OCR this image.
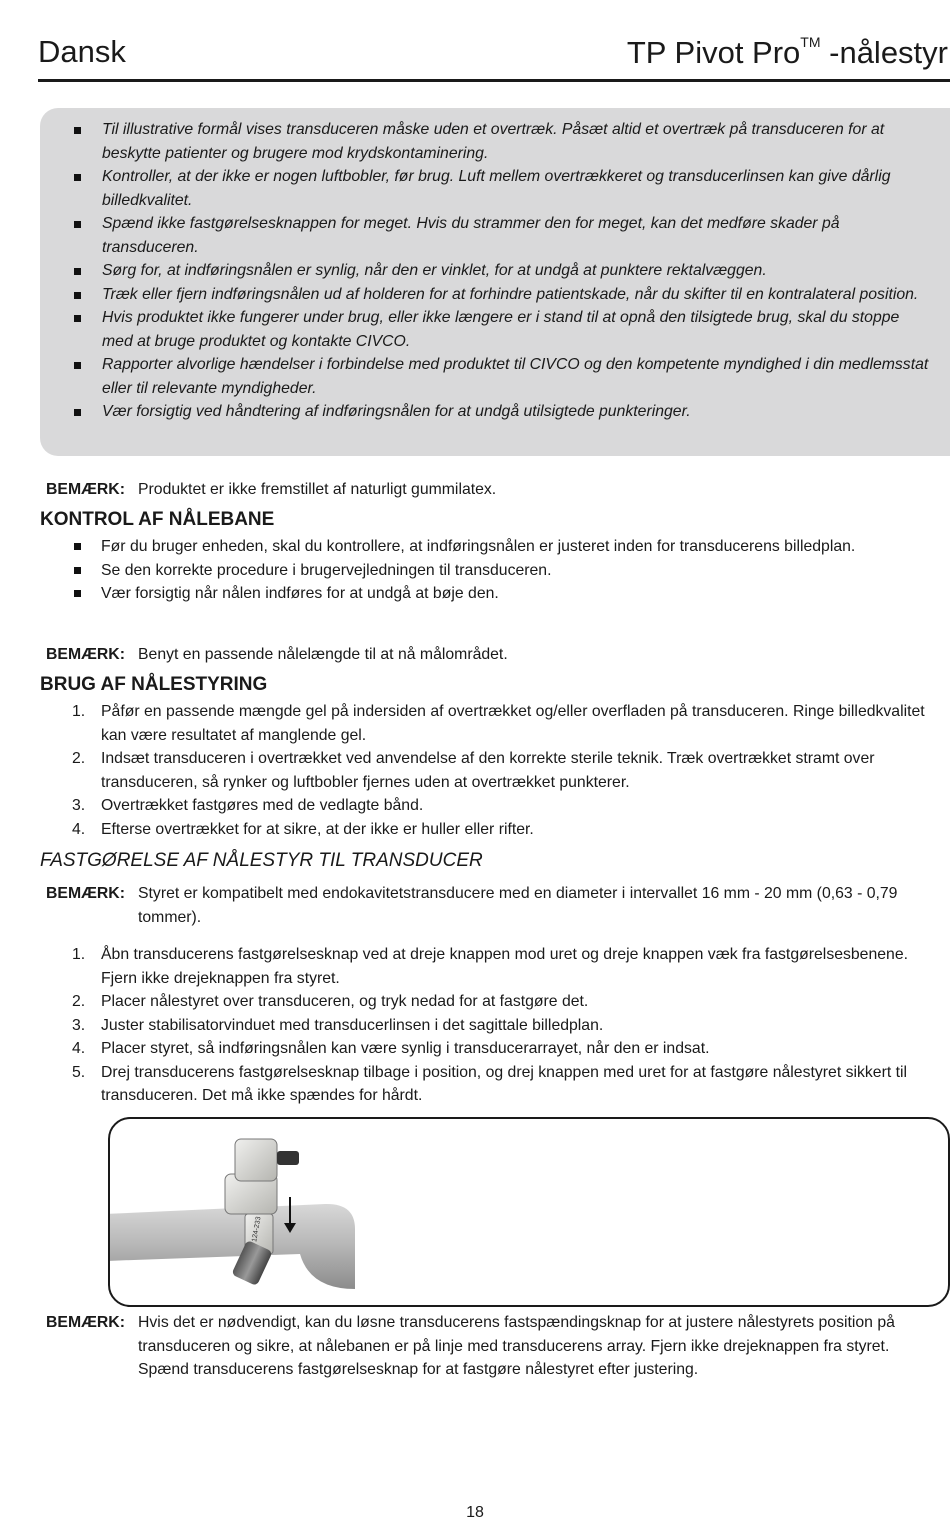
Dansk	TP Pivot Pro™ -nålestyr
Til illustrative formål vises transduceren måske uden et overtræk. Påsæt altid et overtræk på transduceren for at beskytte patienter og brugere mod krydskontaminering.
Kontroller, at der ikke er nogen luftbobler, før brug. Luft mellem overtrækkeret og transducerlinsen kan give dårlig billedkvalitet.
Spænd ikke fastgørelsesknappen for meget. Hvis du strammer den for meget, kan det medføre skader på transduceren.
Sørg for, at indføringsnålen er synlig, når den er vinklet, for at undgå at punktere rektalvæggen.
Træk eller fjern indføringsnålen ud af holderen for at forhindre patientskade, når du skifter til en kontralateral position.
Hvis produktet ikke fungerer under brug, eller ikke længere er i stand til at opnå den tilsigtede brug, skal du stoppe med at bruge produktet og kontakte CIVCO.
Rapporter alvorlige hændelser i forbindelse med produktet til CIVCO og den kompetente myndighed i din medlemsstat eller til relevante myndigheder.
Vær forsigtig ved håndtering af indføringsnålen for at undgå utilsigtede punkteringer.
BEMÆRK: Produktet er ikke fremstillet af naturligt gummilatex.
KONTROL AF NÅLEBANE
Før du bruger enheden, skal du kontrollere, at indføringsnålen er justeret inden for transducerens billedplan.
Se den korrekte procedure i brugervejledningen til transduceren.
Vær forsigtig når nålen indføres for at undgå at bøje den.
BEMÆRK: Benyt en passende nålelængde til at nå målområdet.
BRUG AF NÅLESTYRING
1. Påfør en passende mængde gel på indersiden af overtrækket og/eller overfladen på transduceren. Ringe billedkvalitet kan være resultatet af manglende gel.
2. Indsæt transduceren i overtrækket ved anvendelse af den korrekte sterile teknik. Træk overtrækket stramt over transduceren, så rynker og luftbobler fjernes uden at overtrækket punkterer.
3. Overtrækket fastgøres med de vedlagte bånd.
4. Efterse overtrækket for at sikre, at der ikke er huller eller rifter.
FASTGØRELSE AF NÅLESTYR TIL TRANSDUCER
BEMÆRK: Styret er kompatibelt med endokavitetstransducere med en diameter i intervallet 16 mm - 20 mm (0,63 - 0,79 tommer).
1. Åbn transducerens fastgørelsesknap ved at dreje knappen mod uret og dreje knappen væk fra fastgørelsesbenene. Fjern ikke drejeknappen fra styret.
2. Placer nålestyret over transduceren, og tryk nedad for at fastgøre det.
3. Juster stabilisatorvinduet med transducerlinsen i det sagittale billedplan.
4. Placer styret, så indføringsnålen kan være synlig i transducerarrayet, når den er indsat.
5. Drej transducerens fastgørelsesknap tilbage i position, og drej knappen med uret for at fastgøre nålestyret sikkert til transduceren. Det må ikke spændes for hårdt.
124-233
BEMÆRK: Hvis det er nødvendigt, kan du løsne transducerens fastspændingsknap for at justere nålestyrets position på transduceren og sikre, at nålebanen er på linje med transducerens array. Fjern ikke drejeknappen fra styret. Spænd transducerens fastgørelsesknap for at fastgøre nålestyret efter justering.
18
